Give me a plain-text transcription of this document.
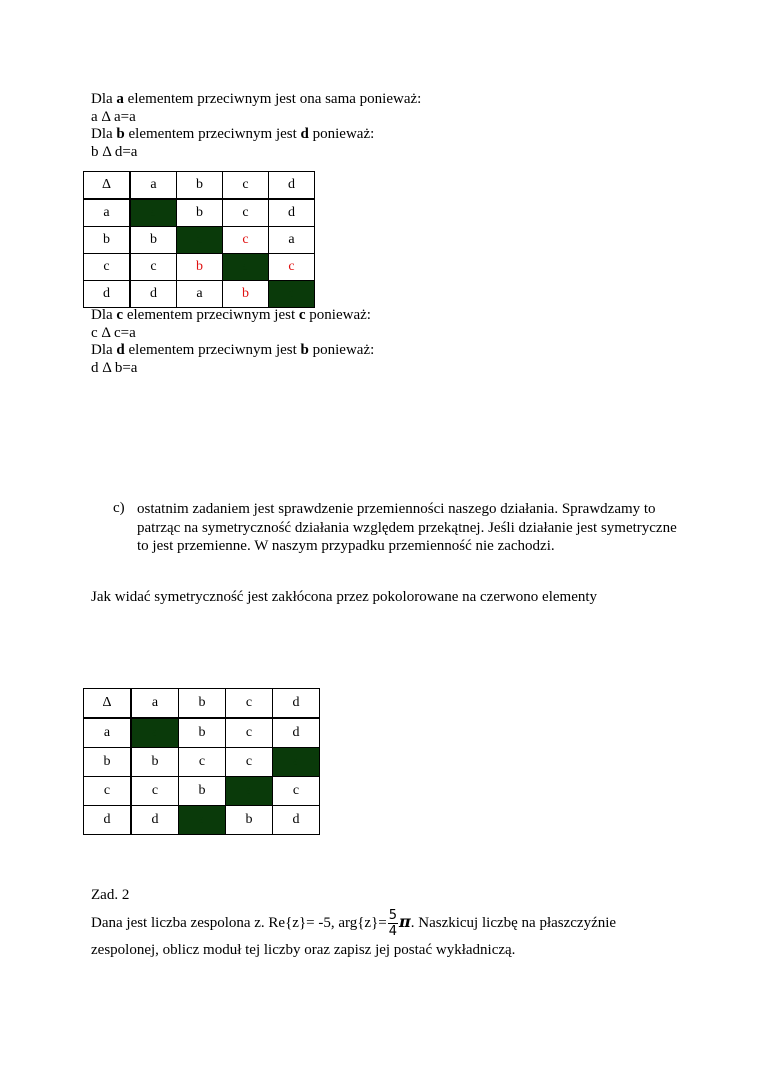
Dla a elementem przeciwnym jest ona sama ponieważ:
a Δ a=a
Dla b elementem przeciwnym jest d ponieważ:
b Δ d=a
Δ	a	b	c	d
a	a	b	c	d
b	b	c	c	a
c	c	b	a	c
d	d	a	b	d
Dla c elementem przeciwnym jest c ponieważ:
c Δ c=a
Dla d elementem przeciwnym jest b ponieważ:
d Δ b=a
c) ostatnim zadaniem jest sprawdzenie przemienności naszego działania. Sprawdzamy to patrząc na symetryczność działania względem przekątnej. Jeśli działanie jest symetryczne to jest przemienne. W naszym przypadku przemienność nie zachodzi.
Jak widać symetryczność jest zakłócona przez pokolorowane na czerwono elementy
Δ	a	b	c	d
a	a	b	c	d
b	b	c	c	a
c	c	b	a	c
d	d	a	b	d
Zad. 2
Dana jest liczba zespolona z. Re{z}= -5, $arg\{z\}= \frac{5}{4} \pi$. Naszkicuj liczbę na płaszczyźnie
zespolonej, oblicz moduł tej liczby oraz zapisz jej postać wykładniczą.
